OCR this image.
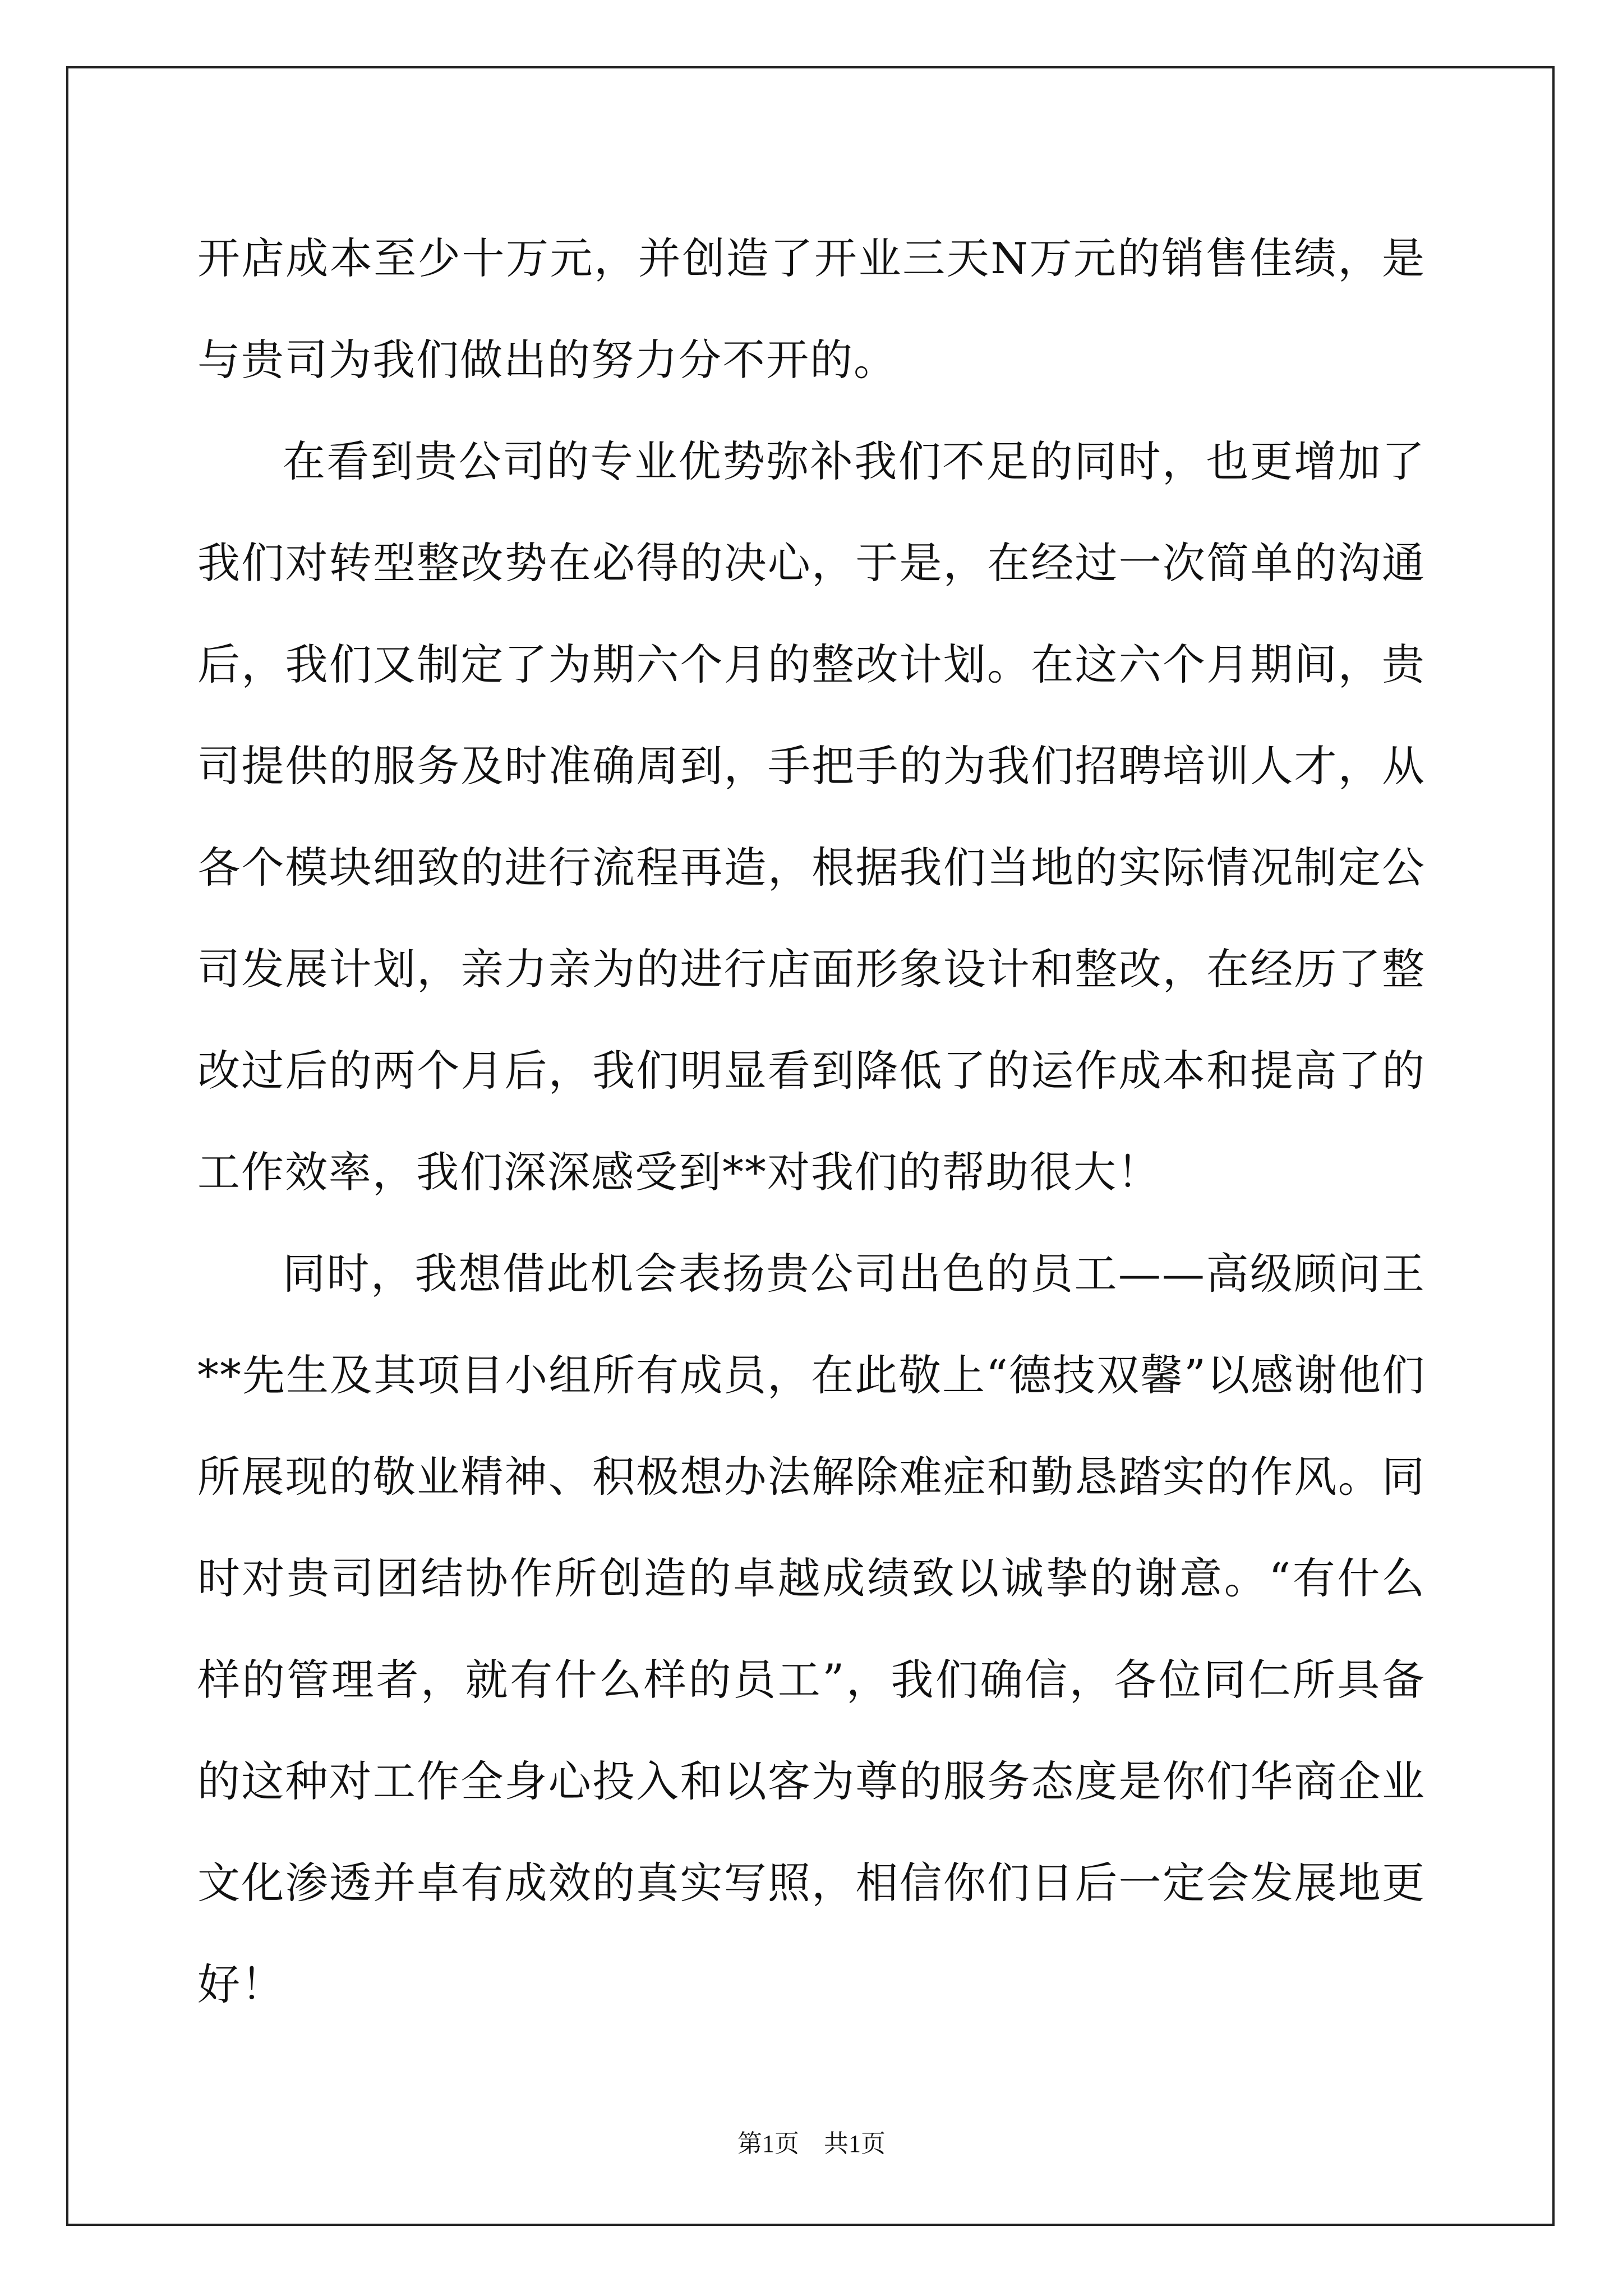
开店成本至少十万元，并创造了开业三天N万元的销售佳绩，是与贵司为我们做出的努力分不开的。

在看到贵公司的专业优势弥补我们不足的同时，也更增加了我们对转型整改势在必得的决心，于是，在经过一次简单的沟通后，我们又制定了为期六个月的整改计划。在这六个月期间，贵司提供的服务及时准确周到，手把手的为我们招聘培训人才，从各个模块细致的进行流程再造，根据我们当地的实际情况制定公司发展计划，亲力亲为的进行店面形象设计和整改，在经历了整改过后的两个月后，我们明显看到降低了的运作成本和提高了的工作效率，我们深深感受到**对我们的帮助很大！

同时，我想借此机会表扬贵公司出色的员工——高级顾问王**先生及其项目小组所有成员，在此敬上“德技双馨”以感谢他们所展现的敬业精神、积极想办法解除难症和勤恳踏实的作风。同时对贵司团结协作所创造的卓越成绩致以诚挚的谢意。“有什么样的管理者，就有什么样的员工”，我们确信，各位同仁所具备的这种对工作全身心投入和以客为尊的服务态度是你们华商企业文化渗透并卓有成效的真实写照，相信你们日后一定会发展地更好！

第1页　共1页
